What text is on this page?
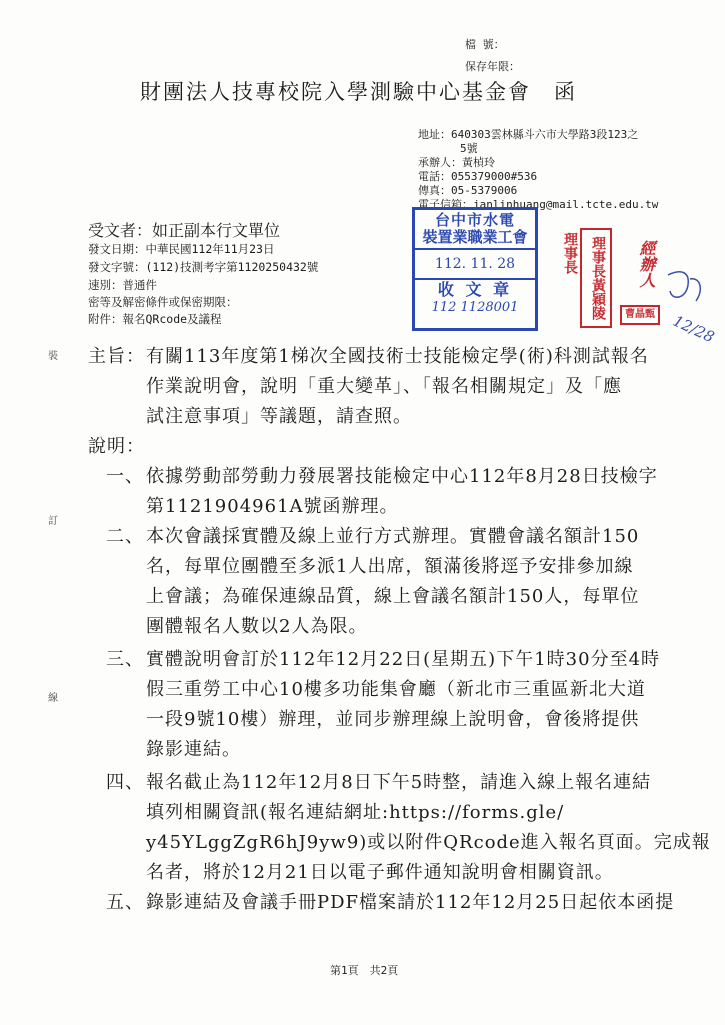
檔 號：
保存年限：
財團法人技專校院入學測驗中心基金會　函
地址：640303雲林縣斗六市大學路3段123之
5號
承辦人：黃楨玲
電話：055379000#536
傳真：05-5379006
電子信箱：janlinhuang@mail.tcte.edu.tw
受文者：如正副本行文單位
發文日期：中華民國112年11月23日
發文字號：(112)技測考字第1120250432號
速別：普通件
密等及解密條件或保密期限：
附件：報名QRcode及議程
台中市水電
裝置業職業工會
112. 11. 28
收 文 章
112 1128001
理事長 理事長黃穎陵	經辦人
曹晶甄	12/28
裝
訂
線
主旨： 有關113年度第1梯次全國技術士技能檢定學(術)科測試報名
作業說明會，說明「重大變革」、「報名相關規定」及「應
試注意事項」等議題，請查照。
說明：
一、 依據勞動部勞動力發展署技能檢定中心112年8月28日技檢字
第1121904961A號函辦理。
二、 本次會議採實體及線上並行方式辦理。實體會議名額計150
名，每單位團體至多派1人出席，額滿後將逕予安排參加線
上會議；為確保連線品質，線上會議名額計150人，每單位
團體報名人數以2人為限。
三、 實體說明會訂於112年12月22日(星期五)下午1時30分至4時
假三重勞工中心10樓多功能集會廳（新北市三重區新北大道
一段9號10樓）辦理，並同步辦理線上說明會，會後將提供
錄影連結。
四、 報名截止為112年12月8日下午5時整，請進入線上報名連結
填列相關資訊(報名連結網址:https://forms.gle/
y45YLggZgR6hJ9yw9)或以附件QRcode進入報名頁面。完成報
名者，將於12月21日以電子郵件通知說明會相關資訊。
五、 錄影連結及會議手冊PDF檔案請於112年12月25日起依本函提
第1頁　共2頁
